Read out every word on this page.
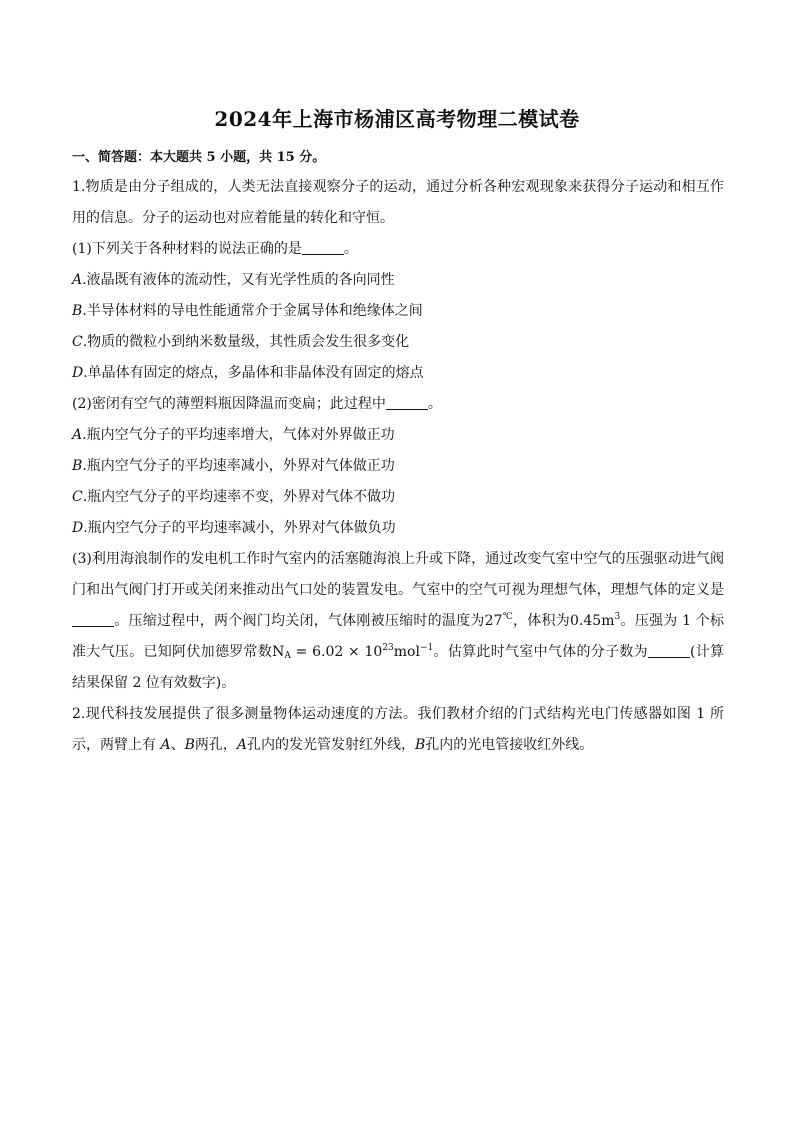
2024年上海市杨浦区高考物理二模试卷
一、简答题：本大题共 5 小题，共 15 分。

1.物质是由分子组成的，人类无法直接观察分子的运动，通过分析各种宏观现象来获得分子运动和相互作用的信息。分子的运动也对应着能量的转化和守恒。

(1)下列关于各种材料的说法正确的是	。

A.液晶既有液体的流动性，又有光学性质的各向同性

B.半导体材料的导电性能通常介于金属导体和绝缘体之间

C.物质的微粒小到纳米数量级，其性质会发生很多变化

D.单晶体有固定的熔点，多晶体和非晶体没有固定的熔点

(2)密闭有空气的薄塑料瓶因降温而变扁；此过程中	。

A.瓶内空气分子的平均速率增大，气体对外界做正功

B.瓶内空气分子的平均速率减小，外界对气体做正功

C.瓶内空气分子的平均速率不变，外界对气体不做功

D.瓶内空气分子的平均速率减小，外界对气体做负功

(3)利用海浪制作的发电机工作时气室内的活塞随海浪上升或下降，通过改变气室中空气的压强驱动进气阀门和出气阀门打开或关闭来推动出气口处的装置发电。气室中的空气可视为理想气体，理想气体的定义是。压缩过程中，两个阀门均关闭，气体刚被压缩时的温度为27℃，体积为$0.45m^3$。压强为 1 个标准大气压。已知阿伏加德罗常数$N_A = 6.02 \times 10^{23}mol^{-1}$。估算此时气室中气体的分子数为	(计算结果保留 2 位有效数字)。

2.现代科技发展提供了很多测量物体运动速度的方法。我们教材介绍的门式结构光电门传感器如图 1 所示，两臂上有 A、B两孔，A孔内的发光管发射红外线，B孔内的光电管接收红外线。
